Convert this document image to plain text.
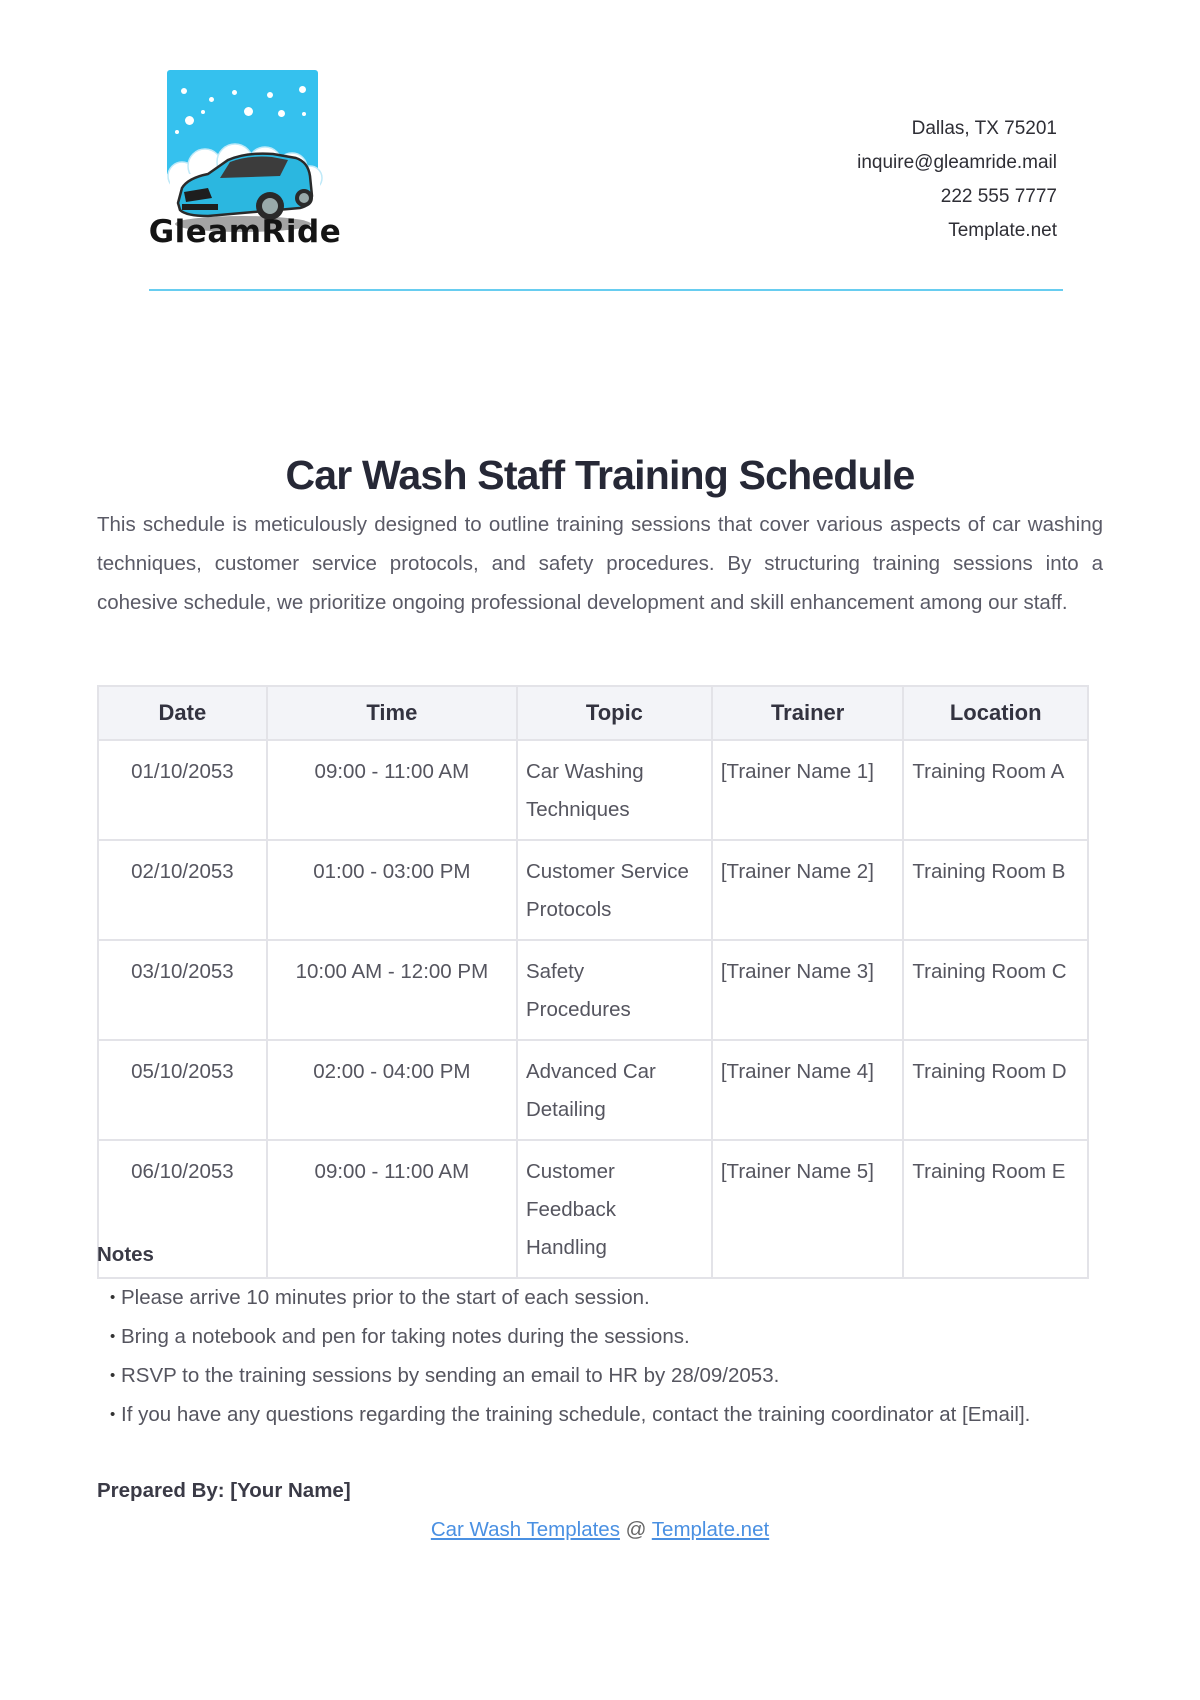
GleamRide
Dallas, TX 75201
inquire@gleamride.mail
222 555 7777
Template.net
Car Wash Staff Training Schedule

This schedule is meticulously designed to outline training sessions that cover various aspects of car washing techniques, customer service protocols, and safety procedures. By structuring training sessions into a cohesive schedule, we prioritize ongoing professional development and skill enhancement among our staff.

Date	Time	Topic	Trainer	Location
01/10/2053	09:00 - 11:00 AM	Car Washing Techniques	[Trainer Name 1]	Training Room A
02/10/2053	01:00 - 03:00 PM	Customer Service Protocols	[Trainer Name 2]	Training Room B
03/10/2053	10:00 AM - 12:00 PM	Safety Procedures	[Trainer Name 3]	Training Room C
05/10/2053	02:00 - 04:00 PM	Advanced Car Detailing	[Trainer Name 4]	Training Room D
06/10/2053	09:00 - 11:00 AM	Customer Feedback Handling	[Trainer Name 5]	Training Room E
Notes
• Please arrive 10 minutes prior to the start of each session.
• Bring a notebook and pen for taking notes during the sessions.
• RSVP to the training sessions by sending an email to HR by 28/09/2053.
• If you have any questions regarding the training schedule, contact the training coordinator at [Email].
Prepared By: [Your Name]
Car Wash Templates @ Template.net
